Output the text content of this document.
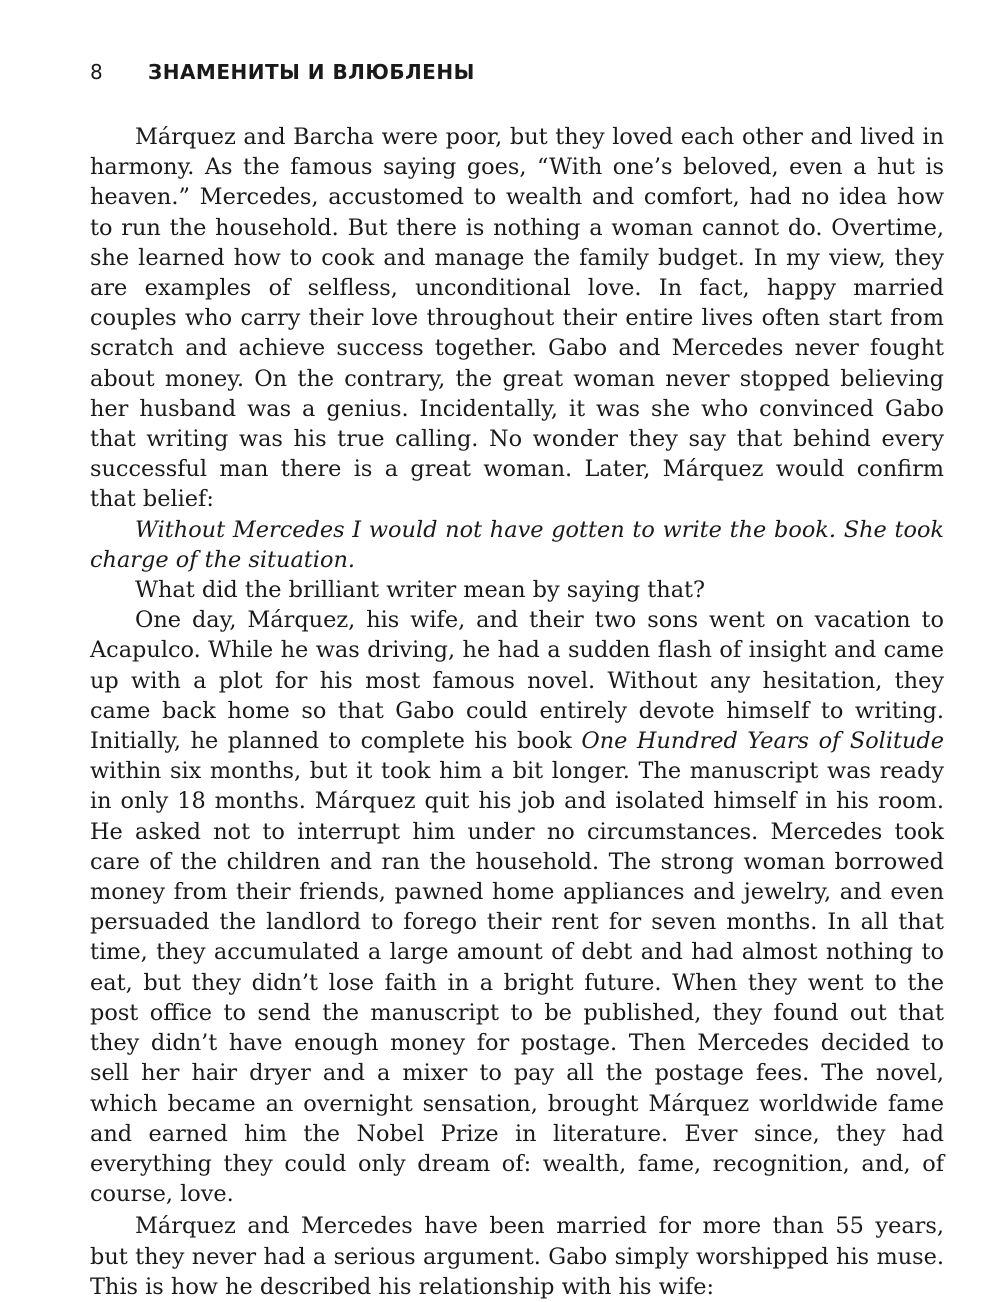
8	ЗНАМЕНИТЫ И ВЛЮБЛЕНЫ

Márquez and Barcha were poor, but they loved each other and lived in harmony. As the famous saying goes, “With one’s beloved, even a hut is heaven.” Mercedes, accustomed to wealth and comfort, had no idea how to run the household. But there is nothing a woman cannot do. Overtime, she learned how to cook and manage the family budget. In my view, they are examples of selfless, unconditional love. In fact, happy married couples who carry their love throughout their entire lives often start from scratch and achieve success together. Gabo and Mercedes never fought about money. On the contrary, the great woman never stopped believing her husband was a genius. Incidentally, it was she who convinced Gabo that writing was his true calling. No wonder they say that behind every successful man there is a great woman. Later, Márquez would confirm that belief:

Without Mercedes I would not have gotten to write the book. She took charge of the situation.

What did the brilliant writer mean by saying that?

One day, Márquez, his wife, and their two sons went on vacation to Acapulco. While he was driving, he had a sudden flash of insight and came up with a plot for his most famous novel. Without any hesitation, they came back home so that Gabo could entirely devote himself to writing. Initially, he planned to complete his book One Hundred Years of Solitude within six months, but it took him a bit longer. The manuscript was ready in only 18 months. Márquez quit his job and isolated himself in his room. He asked not to interrupt him under no circumstances. Mercedes took care of the children and ran the household. The strong woman borrowed money from their friends, pawned home appliances and jewelry, and even persuaded the landlord to forego their rent for seven months. In all that time, they accumulated a large amount of debt and had almost nothing to eat, but they didn’t lose faith in a bright future. When they went to the post office to send the manuscript to be published, they found out that they didn’t have enough money for postage. Then Mercedes decided to sell her hair dryer and a mixer to pay all the postage fees. The novel, which became an overnight sensation, brought Márquez worldwide fame and earned him the Nobel Prize in literature. Ever since, they had everything they could only dream of: wealth, fame, recognition, and, of course, love.

Márquez and Mercedes have been married for more than 55 years, but they never had a serious argument. Gabo simply worshipped his muse. This is how he described his relationship with his wife:
